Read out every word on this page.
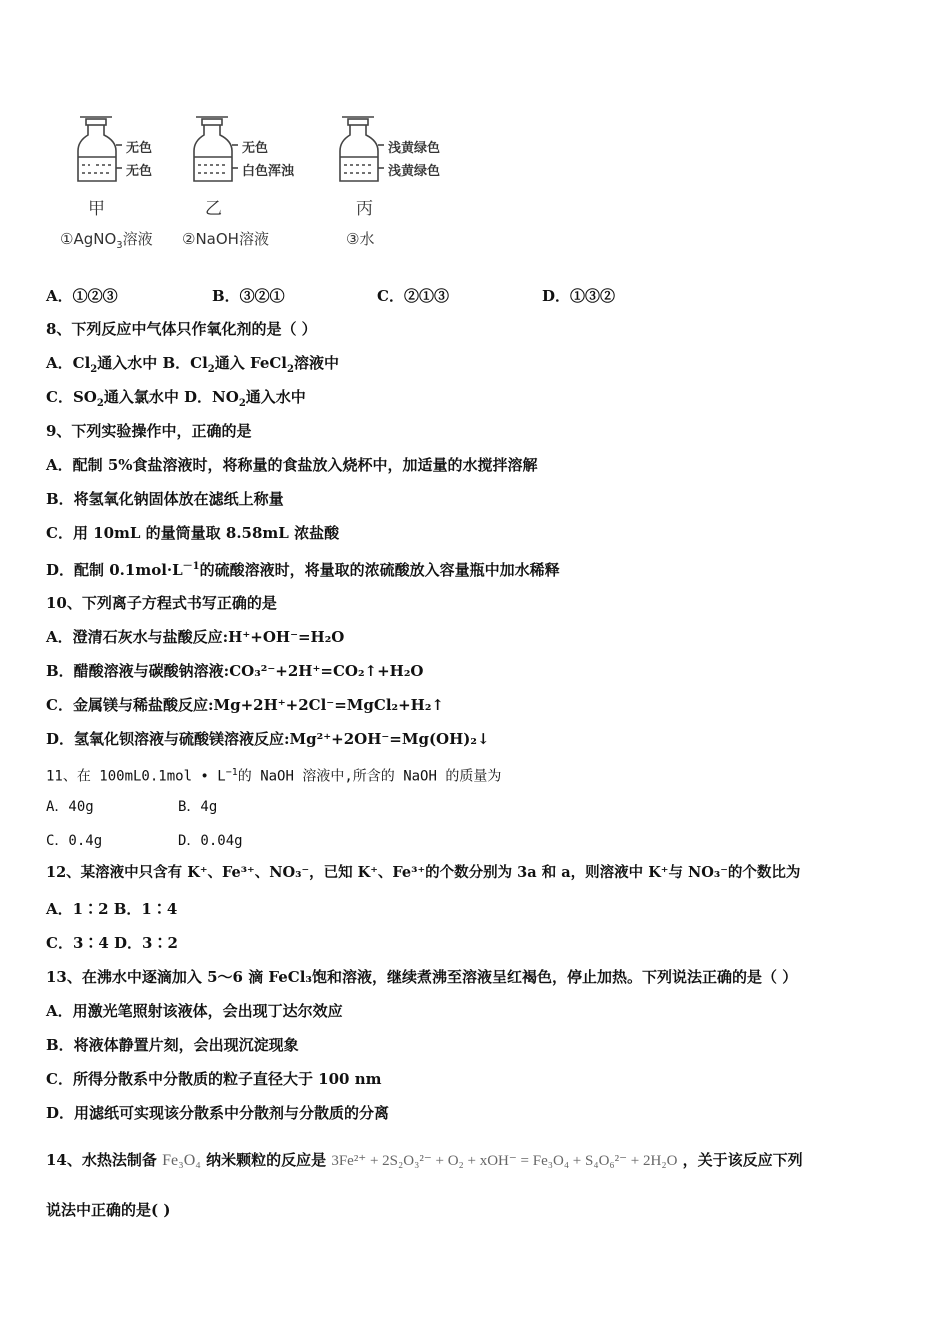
无色
无色
无色
白色浑浊
浅黄绿色
浅黄绿色
甲	乙	丙
①AgNO$_3$溶液 ②NaOH溶液	③水
A．①②③	B．③②①	C．②①③	D．①③②
8、下列反应中气体只作氧化剂的是（ ）
A．$Cl_2$通入水中 B．$Cl_2$通入 FeCl$_2$溶液中
C．$SO_2$通入氯水中 D．$NO_2$通入水中
9、下列实验操作中，正确的是
A．配制 5%食盐溶液时，将称量的食盐放入烧杯中，加适量的水搅拌溶解
B．将氢氧化钠固体放在滤纸上称量
C．用 10mL 的量筒量取 8.58mL 浓盐酸
D．配制 $0.1mol\cdot L^{-1}$的硫酸溶液时，将量取的浓硫酸放入容量瓶中加水稀释
10、下列离子方程式书写正确的是
A．澄清石灰水与盐酸反应:H⁺+OH⁻=H₂O
B．醋酸溶液与碳酸钠溶液:CO₃²⁻+2H⁺=CO₂↑+H₂O
C．金属镁与稀盐酸反应:Mg+2H⁺+2Cl⁻=MgCl₂+H₂↑
D．氢氧化钡溶液与硫酸镁溶液反应:Mg²⁺+2OH⁻=Mg(OH)₂↓
11、在 100mL0.1mol • $L^{-1}$的 NaOH 溶液中,所含的 NaOH 的质量为
A．40g	B．4g
C．0.4g	D．0.04g
12、某溶液中只含有 K⁺、Fe³⁺、NO₃⁻，已知 K⁺、Fe³⁺的个数分别为 3a 和 a，则溶液中 K⁺与 NO₃⁻的个数比为
A．1∶2 B．1∶4
C．3∶4 D．3∶2
13、在沸水中逐滴加入 5～6 滴 FeCl₃饱和溶液，继续煮沸至溶液呈红褐色，停止加热。下列说法正确的是（ ）
A．用激光笔照射该液体，会出现丁达尔效应
B．将液体静置片刻，会出现沉淀现象
C．所得分散系中分散质的粒子直径大于 100 nm
D．用滤纸可实现该分散系中分散剂与分散质的分离
14、水热法制备 Fe₃O₄ 纳米颗粒的反应是 3Fe²⁺ + 2S₂O₃²⁻ + O₂ + xOH⁻ = Fe₃O₄ + S₄O₆²⁻ + 2H₂O ，关于该反应下列
说法中正确的是( )
